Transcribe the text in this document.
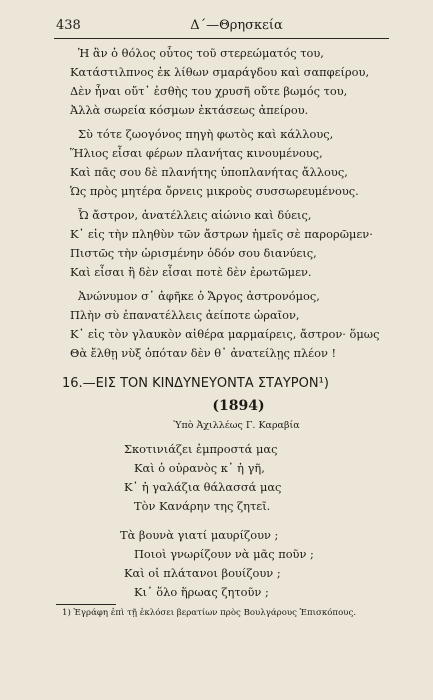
438	Δ΄—Θρησκεία
Ἡ ἂν ὁ θόλος οὗτος τοῦ στερεώματός του,
Κατάστιλπνος ἐκ λίθων σμαράγδου καὶ σαπφείρου,
Δὲν ἦναι οὔτ᾽ ἐσθὴς του χρυσῆ οὔτε βωμός του,
Ἀλλὰ σωρεία κόσμων ἐκτάσεως ἀπείρου.
Σὺ τότε ζωογόνος πηγὴ φωτὸς καὶ κάλλους,
Ἥλιος εἶσαι φέρων πλανήτας κινουμένους,
Καὶ πᾶς σου δὲ πλανήτης ὑποπλανήτας ἄλλους,
Ὡς πρὸς μητέρα ὄρνεις μικροὺς συσσωρευμένους.
Ὦ ἄστρον, ἀνατέλλεις αἰώνιο καὶ δύεις,
Κ᾽ εἰς τὴν πληθὺν τῶν ἄστρων ἡμεῖς σὲ παρορῶμεν·
Πιστῶς τὴν ὡρισμένην ὁδόν σου διανύεις,
Καὶ εἶσαι ἢ δὲν εἶσαι ποτὲ δὲν ἐρωτῶμεν.
Ἀνώνυμον σ᾽ ἀφῆκε ὁ Ἄργος ἀστρονόμος,
Πλὴν σὺ ἐπανατέλλεις ἀείποτε ὡραῖον,
Κ᾽ εἰς τὸν γλαυκὸν αἰθέρα μαρμαίρεις, ἄστρον· ὅμως
Θὰ ἔλθῃ νὺξ ὁπόταν δὲν θ᾽ ἀνατείλῃς πλέον !
16.—ΕΙΣ ΤΟΝ ΚΙΝΔΥΝΕΥΟΝΤΑ ΣΤΑΥΡΟΝ¹)
(1894)
Ὑπὸ Ἀχιλλέως Γ. Καραβία
Σκοτινιάζει ἐμπροστά μας
Καὶ ὁ οὐρανὸς κ᾽ ἡ γῆ,
Κ᾽ ἡ γαλάζια θάλασσά μας
Τὸν Κανάρην της ζητεῖ.
Τὰ βουνὰ γιατί μαυρίζουν ;
Ποιοὶ γνωρίζουν νὰ μᾶς ποῦν ;
Καὶ οἱ πλάτανοι βουίζουν ;
Κι᾽ ὅλο ἥρωας ζητοῦν ;
1) Ἐγράφη ἐπὶ τῇ ἐκλόσει βερατίων πρὸς Βουλγάρους Ἐπισκόπους.
